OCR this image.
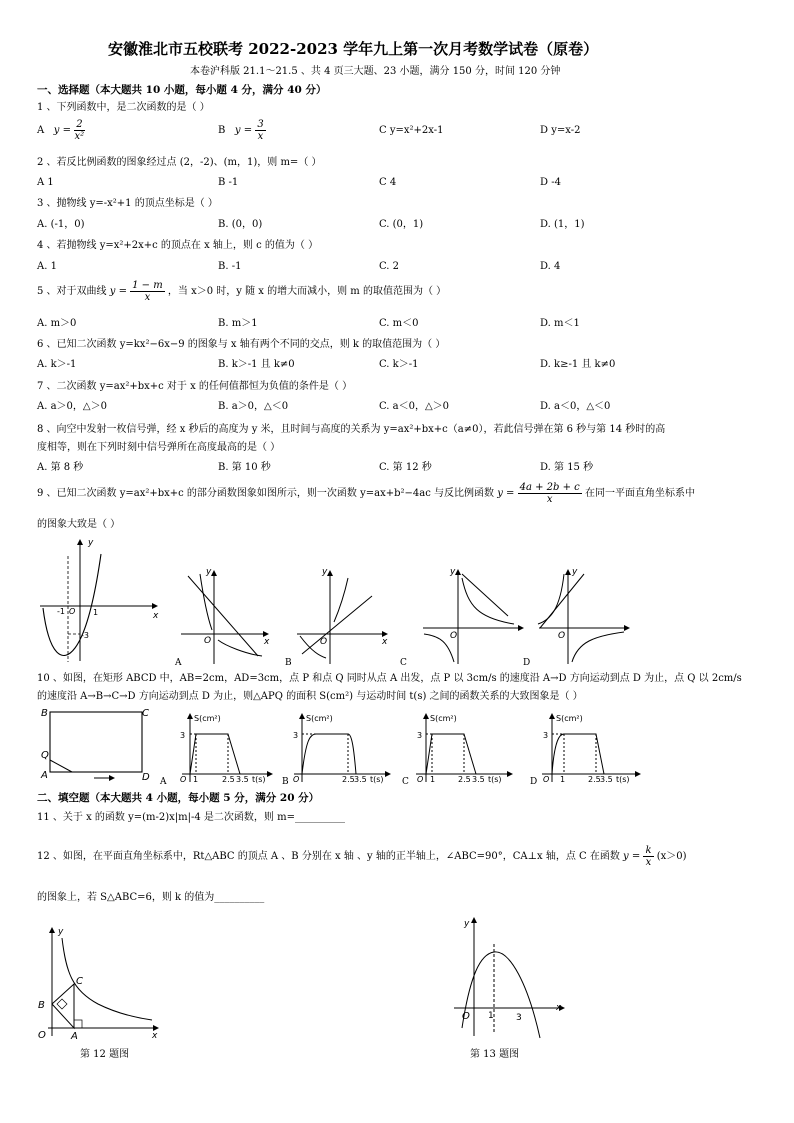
安徽淮北市五校联考 2022-2023 学年九上第一次月考数学试卷（原卷）
本卷沪科版 21.1～21.5 、共 4 页三大题、23 小题，满分 150 分，时间 120 分钟
一、选择题（本大题共 10 小题，每小题 4 分，满分 40 分）
1 、下列函数中，是二次函数的是（ ）
A $y = \frac{2}{\text{x²}}$	B $y = \frac{3}{x}$	C y=x²+2x-1	D y=x-2
2 、若反比例函数的图象经过点 (2，-2)、(m，1)，则 m=（ ）
A 1	B -1	C 4	D -4
3 、抛物线 y=-x²+1 的顶点坐标是（ ）
A. (-1，0)	B. (0，0)	C. (0，1)	D. (1，1)
4 、若抛物线 y=x²+2x+c 的顶点在 x 轴上，则 c 的值为（ ）
A. 1	B. -1	C. 2	D. 4
5 、对于双曲线 $y = \frac{1 - m}{x}$ ，当 x＞0 时，y 随 x 的增大而减小，则 m 的取值范围为（ ）
A. m＞0	B. m＞1	C. m＜0	D. m＜1
6 、已知二次函数 y=kx²−6x−9 的图象与 x 轴有两个不同的交点，则 k 的取值范围为（ ）
A. k＞-1	B. k＞-1 且 k≠0	C. k＞-1	D. k≥-1 且 k≠0
7 、二次函数 y=ax²+bx+c 对于 x 的任何值都恒为负值的条件是（ ）
A. a＞0，△＞0	B. a＞0，△＜0	C. a＜0，△＞0	D. a＜0，△＜0
8 、向空中发射一枚信号弹，经 x 秒后的高度为 y 米，且时间与高度的关系为 y=ax²+bx+c（a≠0），若此信号弹在第 6 秒与第 14 秒时的高
度相等，则在下列时刻中信号弹所在高度最高的是（ ）
A. 第 8 秒	B. 第 10 秒	C. 第 12 秒	D. 第 15 秒
9 、已知二次函数 y=ax²+bx+c 的部分函数图象如图所示，则一次函数 y=ax+b²−4ac 与反比例函数 $y = \frac{4a + 2b + c}{x}$ 在同一平面直角坐标系中
的图象大致是（ ）
y
x
-1 O 1
-3
y
x
O
A
y
x
O
B
y
O
C
y
O
D
10 、如图，在矩形 ABCD 中，AB=2cm，AD=3cm，点 P 和点 Q 同时从点 A 出发，点 P 以 3cm/s 的速度沿 A→D 方向运动到点 D 为止，点 Q 以 2cm/s
的速度沿 A→B→C→D 方向运动到点 D 为止，则△APQ 的面积 S(cm²) 与运动时间 t(s) 之间的函数关系的大致图象是（ ）
B	C
Q
A	D
S(cm²)
3
O 1	2.5 3.5 t(s)
A
S(cm²)
3
O	2.5 3.5 t(s)
B
S(cm²)
3
O 1	2.5 3.5 t(s)
C
S(cm²)
3
O 1	2.5 3.5 t(s)
D
二、填空题（本大题共 4 小题，每小题 5 分，满分 20 分）
11 、关于 x 的函数 y=(m-2)x|m|-4 是二次函数，则 m=__________
12 、如图，在平面直角坐标系中，Rt△ABC 的顶点 A 、B 分别在 x 轴 、y 轴的正半轴上，∠ABC=90°，CA⊥x 轴，点 C 在函数 $y = \frac{k}{x} (x>0)$
的图象上，若 S△ABC=6，则 k 的值为__________
y
x
O	A
B
C
第 12 题图
y
x
O 1 3
第 13 题图
